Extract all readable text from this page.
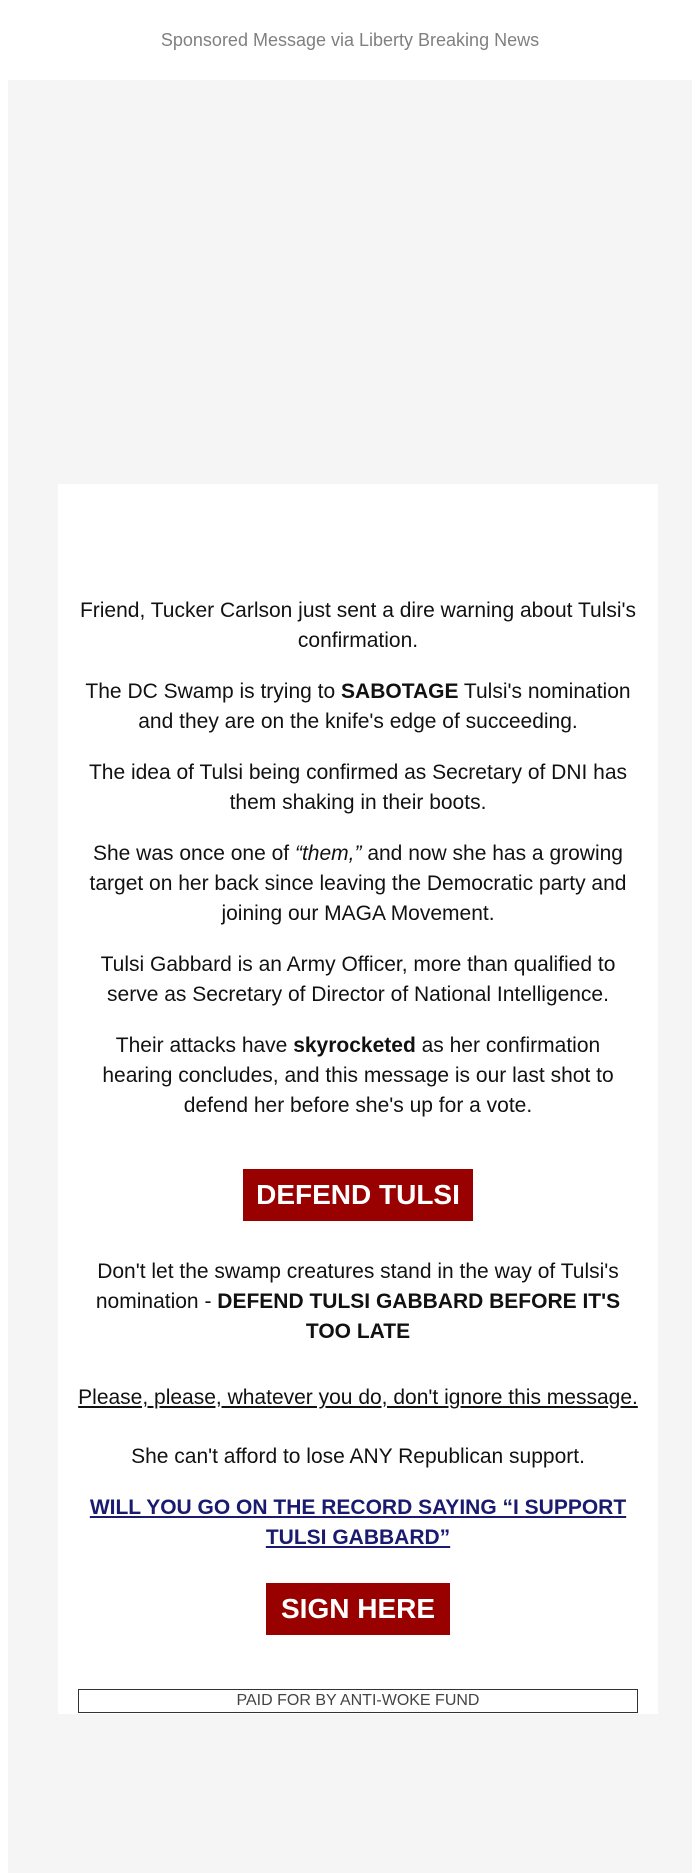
Sponsored Message via Liberty Breaking News

Friend, Tucker Carlson just sent a dire warning about Tulsi's confirmation.

The DC Swamp is trying to SABOTAGE Tulsi's nomination and they are on the knife's edge of succeeding.

The idea of Tulsi being confirmed as Secretary of DNI has them shaking in their boots.

She was once one of “them,” and now she has a growing target on her back since leaving the Democratic party and joining our MAGA Movement.

Tulsi Gabbard is an Army Officer, more than qualified to serve as Secretary of Director of National Intelligence.

Their attacks have skyrocketed as her confirmation hearing concludes, and this message is our last shot to defend her before she's up for a vote.

DEFEND TULSI

Don't let the swamp creatures stand in the way of Tulsi's nomination - DEFEND TULSI GABBARD BEFORE IT'S TOO LATE

Please, please, whatever you do, don't ignore this message.

She can't afford to lose ANY Republican support.

WILL YOU GO ON THE RECORD SAYING “I SUPPORT TULSI GABBARD”

SIGN HERE
PAID FOR BY ANTI-WOKE FUND
